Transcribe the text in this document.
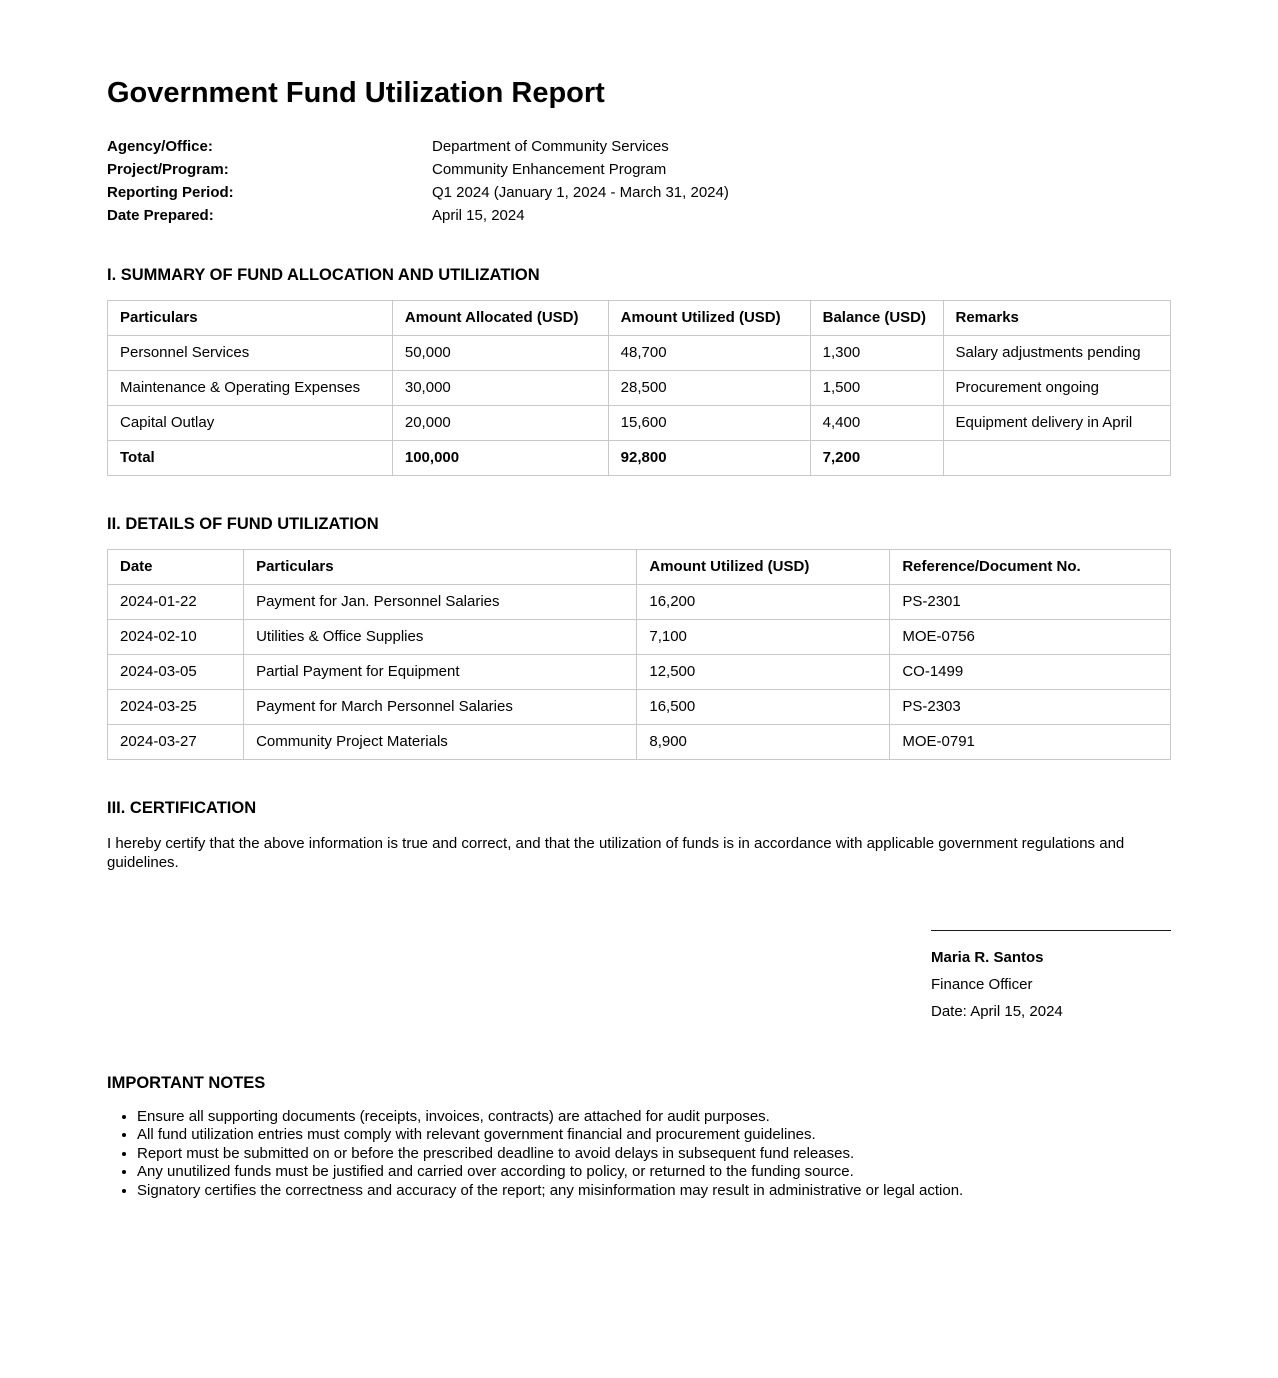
Government Fund Utilization Report
Agency/Office:	Department of Community Services
Project/Program:	Community Enhancement Program
Reporting Period:	Q1 2024 (January 1, 2024 - March 31, 2024)
Date Prepared:	April 15, 2024
I. SUMMARY OF FUND ALLOCATION AND UTILIZATION
Particulars	Amount Allocated (USD)	Amount Utilized (USD)	Balance (USD)	Remarks
Personnel Services	50,000	48,700	1,300	Salary adjustments pending
Maintenance & Operating Expenses	30,000	28,500	1,500	Procurement ongoing
Capital Outlay	20,000	15,600	4,400	Equipment delivery in April
Total	100,000	92,800	7,200	
II. DETAILS OF FUND UTILIZATION
Date	Particulars	Amount Utilized (USD)	Reference/Document No.
2024-01-22	Payment for Jan. Personnel Salaries	16,200	PS-2301
2024-02-10	Utilities & Office Supplies	7,100	MOE-0756
2024-03-05	Partial Payment for Equipment	12,500	CO-1499
2024-03-25	Payment for March Personnel Salaries	16,500	PS-2303
2024-03-27	Community Project Materials	8,900	MOE-0791
III. CERTIFICATION

I hereby certify that the above information is true and correct, and that the utilization of funds is in accordance with applicable government regulations and guidelines.

Maria R. Santos
Finance Officer
Date: April 15, 2024
IMPORTANT NOTES
• Ensure all supporting documents (receipts, invoices, contracts) are attached for audit purposes.
• All fund utilization entries must comply with relevant government financial and procurement guidelines.
• Report must be submitted on or before the prescribed deadline to avoid delays in subsequent fund releases.
• Any unutilized funds must be justified and carried over according to policy, or returned to the funding source.
• Signatory certifies the correctness and accuracy of the report; any misinformation may result in administrative or legal action.
